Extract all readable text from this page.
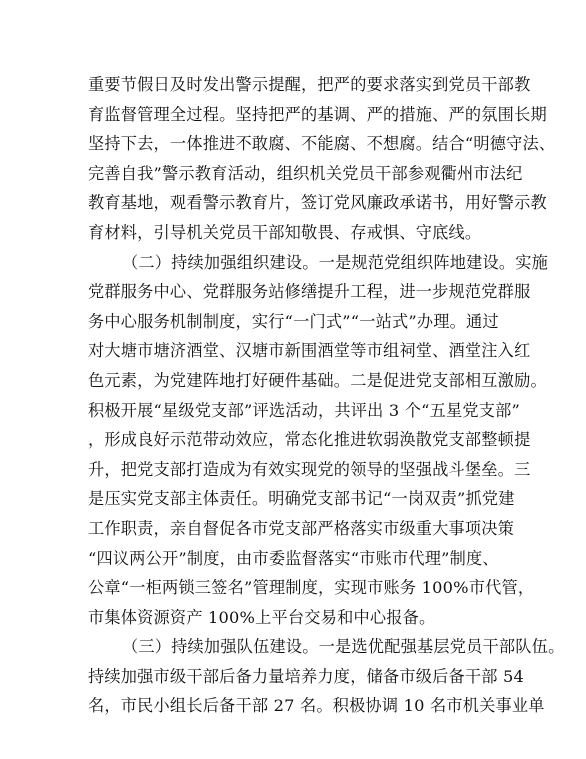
重要节假日及时发出警示提醒，把严的要求落实到党员干部教
育监督管理全过程。坚持把严的基调、严的措施、严的氛围长期
坚持下去，一体推进不敢腐、不能腐、不想腐。结合“明德守法、
完善自我”警示教育活动，组织机关党员干部参观衢州市法纪
教育基地，观看警示教育片，签订党风廉政承诺书，用好警示教
育材料，引导机关党员干部知敬畏、存戒惧、守底线。
（二）持续加强组织建设。一是规范党组织阵地建设。实施
党群服务中心、党群服务站修缮提升工程，进一步规范党群服
务中心服务机制制度，实行“一门式”“一站式”办理。通过
对大塘市塘济酒堂、汉塘市新围酒堂等市组祠堂、酒堂注入红
色元素，为党建阵地打好硬件基础。二是促进党支部相互激励。
积极开展“星级党支部”评选活动，共评出 3 个“五星党支部”
，形成良好示范带动效应，常态化推进软弱涣散党支部整顿提
升，把党支部打造成为有效实现党的领导的坚强战斗堡垒。三
是压实党支部主体责任。明确党支部书记“一岗双责”抓党建
工作职责，亲自督促各市党支部严格落实市级重大事项决策
“四议两公开”制度，由市委监督落实“市账市代理”制度、
公章“一柜两锁三签名”管理制度，实现市账务 100%市代管，
市集体资源资产 100%上平台交易和中心报备。
（三）持续加强队伍建设。一是选优配强基层党员干部队伍。
持续加强市级干部后备力量培养力度，储备市级后备干部 54
名，市民小组长后备干部 27 名。积极协调 10 名市机关事业单
